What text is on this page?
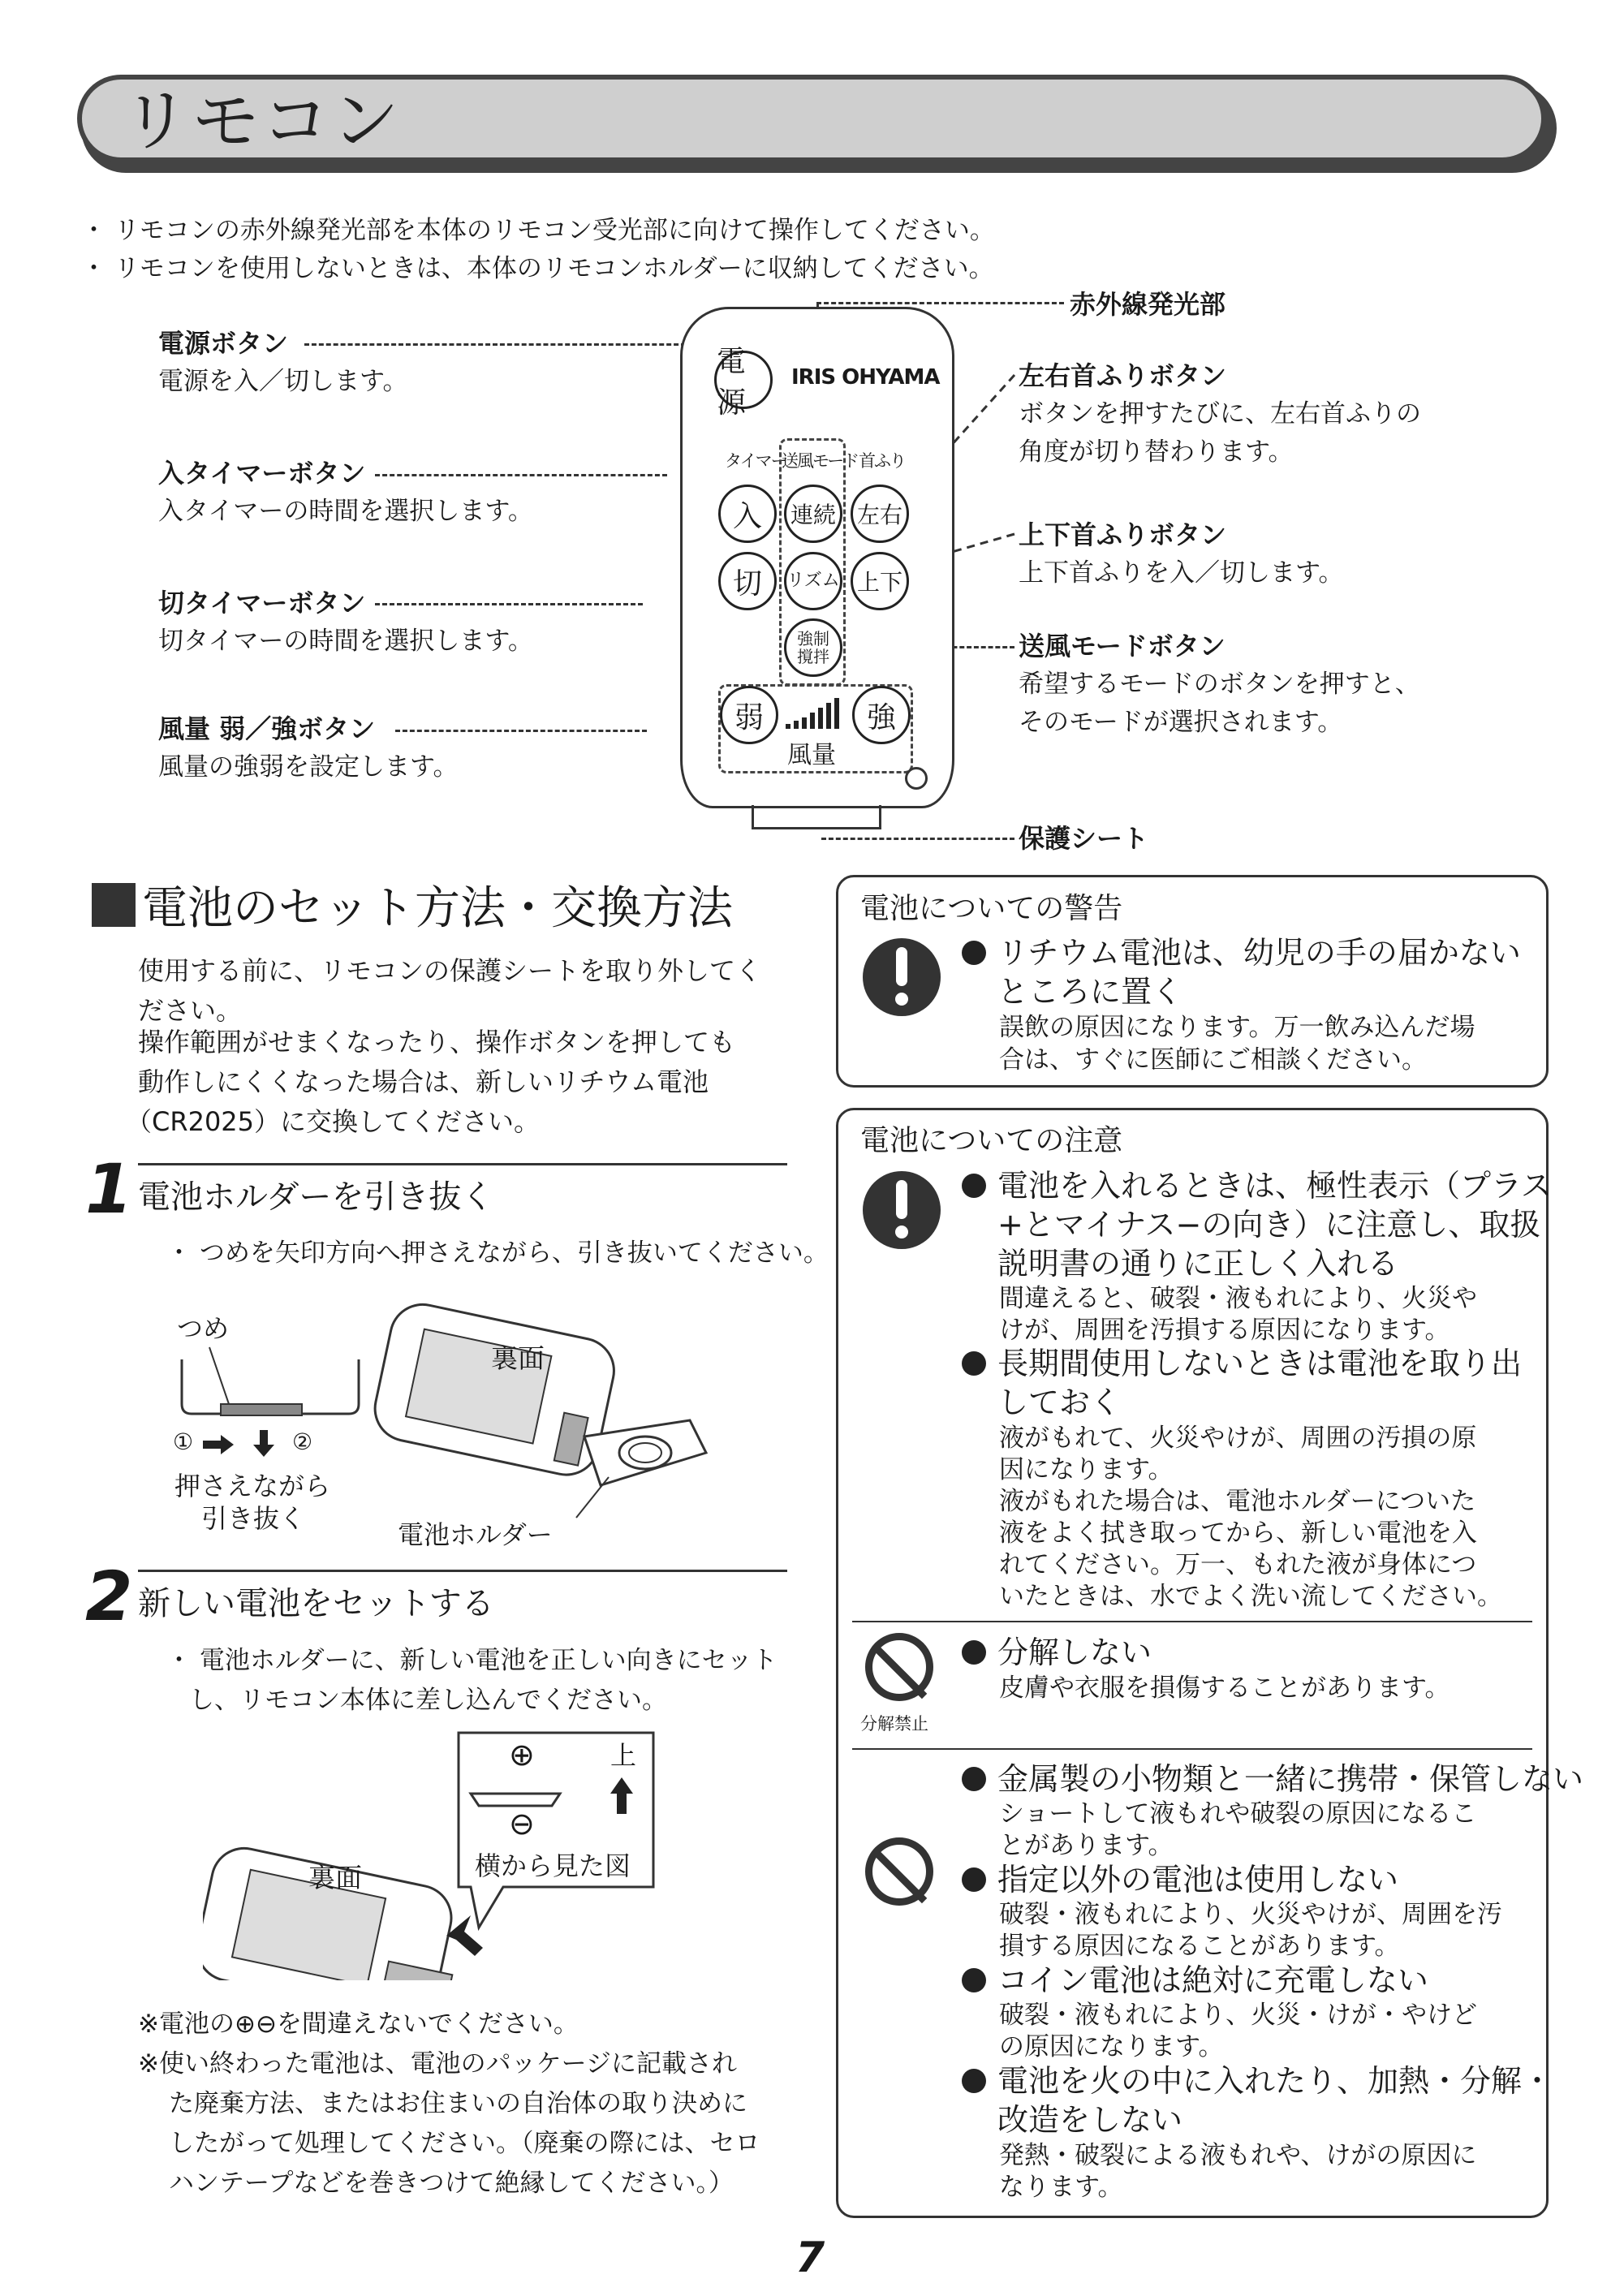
リモコン
・ リモコンの赤外線発光部を本体のリモコン受光部に向けて操作してください。
・ リモコンを使用しないときは、本体のリモコンホルダーに収納してください。
電源ボタン
電源を入／切します。
入タイマーボタン
入タイマーの時間を選択します。
切タイマーボタン
切タイマーの時間を選択します。
風量 弱／強ボタン
風量の強弱を設定します。
赤外線発光部
左右首ふりボタン
ボタンを押すたびに、左右首ふりの
角度が切り替わります。
上下首ふりボタン
上下首ふりを入／切します。
送風モードボタン
希望するモードのボタンを押すと、
そのモードが選択されます。
保護シート
電源
IRIS OHYAMA
タイマー
送風モード 首ふり
入	連続 左右
切	リズム 上下
強制
撹拌
弱	強
風量
電池のセット方法・交換方法
使用する前に、リモコンの保護シートを取り外してく
ださい。
操作範囲がせまくなったり、操作ボタンを押しても
動作しにくくなった場合は、新しいリチウム電池
（CR2025）に交換してください。
1 電池ホルダーを引き抜く
・ つめを矢印方向へ押さえながら、引き抜いてください。
つめ
①	②
押さえながら
引き抜く
裏面
電池ホルダー
2 新しい電池をセットする
・ 電池ホルダーに、新しい電池を正しい向きにセット
し、リモコン本体に差し込んでください。
⊕	上
⊖
横から見た図
裏面
※電池の⊕⊖を間違えないでください。
※使い終わった電池は、電池のパッケージに記載され
た廃棄方法、またはお住まいの自治体の取り決めに
したがって処理してください。（廃棄の際には、セロ
ハンテープなどを巻きつけて絶縁してください。）
電池についての警告
リチウム電池は、幼児の手の届かない
ところに置く
誤飲の原因になります。万一飲み込んだ場
合は、すぐに医師にご相談ください。
電池についての注意
電池を入れるときは、極性表示（プラス
+とマイナス−の向き）に注意し、取扱
説明書の通りに正しく入れる
間違えると、破裂・液もれにより、火災や
けが、周囲を汚損する原因になります。
長期間使用しないときは電池を取り出
しておく
液がもれて、火災やけが、周囲の汚損の原
因になります。
液がもれた場合は、電池ホルダーについた
液をよく拭き取ってから、新しい電池を入
れてください。万一、もれた液が身体につ
いたときは、水でよく洗い流してください。
分解禁止
分解しない
皮膚や衣服を損傷することがあります。
金属製の小物類と一緒に携帯・保管しない
ショートして液もれや破裂の原因になるこ
とがあります。
指定以外の電池は使用しない
破裂・液もれにより、火災やけが、周囲を汚
損する原因になることがあります。
コイン電池は絶対に充電しない
破裂・液もれにより、火災・けが・やけど
の原因になります。
電池を火の中に入れたり、加熱・分解・
改造をしない
発熱・破裂による液もれや、けがの原因に
なります。
7
